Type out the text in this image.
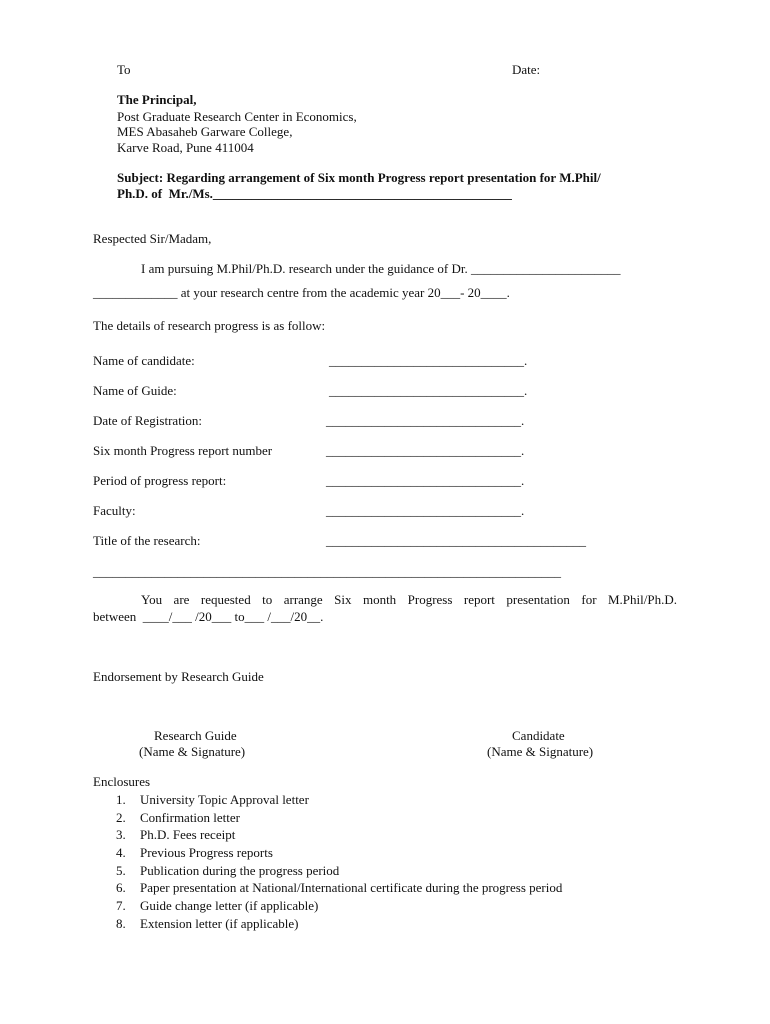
To	Date:
The Principal,
Post Graduate Research Center in Economics,
MES Abasaheb Garware College,
Karve Road, Pune 411004
Subject: Regarding arrangement of Six month Progress report presentation for M.Phil/
Ph.D. of  Mr./Ms.______________________________________________
Respected Sir/Madam,
I am pursuing M.Phil/Ph.D. research under the guidance of Dr. _______________________
_____________ at your research centre from the academic year 20___- 20____.
The details of research progress is as follow:
Name of candidate:	______________________________.
Name of Guide:	______________________________.
Date of Registration:	______________________________.
Six month Progress report number	______________________________.
Period of progress report:	______________________________.
Faculty:	______________________________.
Title of the research:	________________________________________
________________________________________________________________________
You are requested to arrange Six month Progress report presentation for M.Phil/Ph.D.
between  ____/___ /20___ to___ /___/20__.
Endorsement by Research Guide
Research Guide
(Name & Signature)
Candidate
(Name & Signature)
Enclosures
1. University Topic Approval letter
2. Confirmation letter
3. Ph.D. Fees receipt
4. Previous Progress reports
5. Publication during the progress period
6. Paper presentation at National/International certificate during the progress period
7. Guide change letter (if applicable)
8. Extension letter (if applicable)
